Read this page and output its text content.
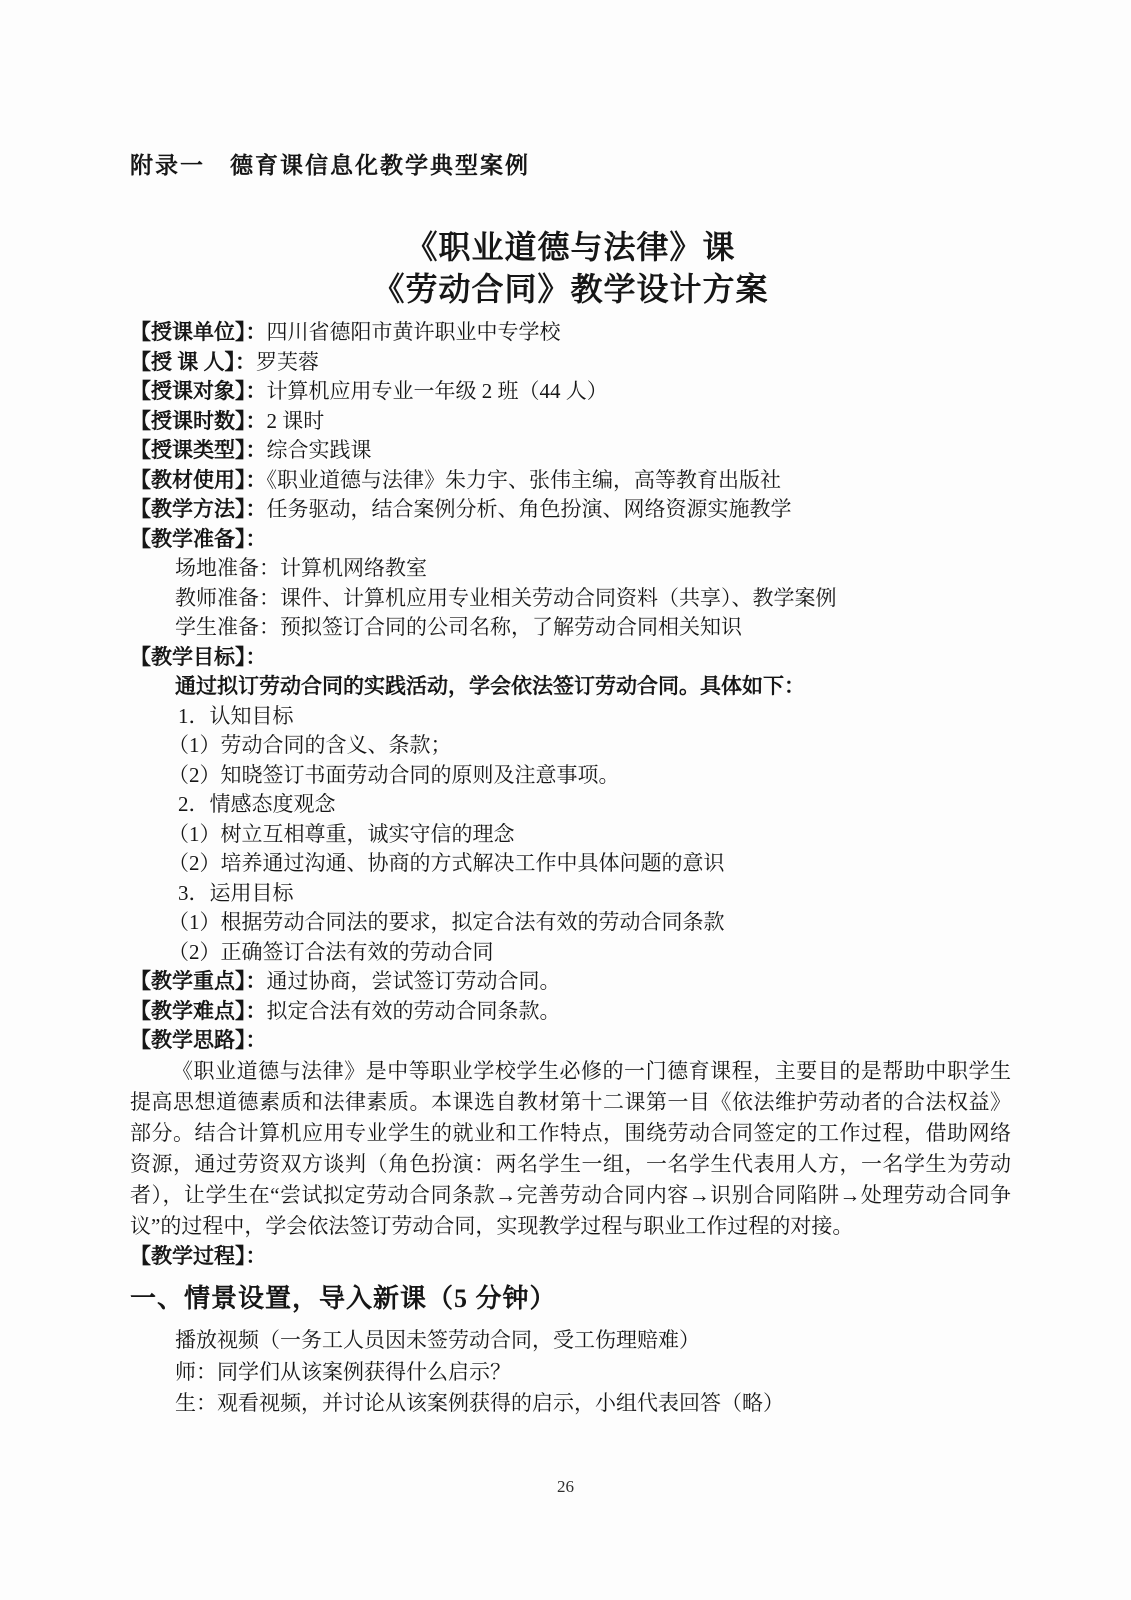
附录一　德育课信息化教学典型案例
《职业道德与法律》课
《劳动合同》教学设计方案
【授课单位】：四川省德阳市黄许职业中专学校
【授 课 人】：罗芙蓉
【授课对象】：计算机应用专业一年级 2 班（44 人）
【授课时数】：2 课时
【授课类型】：综合实践课
【教材使用】：《职业道德与法律》朱力宇、张伟主编，高等教育出版社
【教学方法】：任务驱动，结合案例分析、角色扮演、网络资源实施教学
【教学准备】：
场地准备：计算机网络教室
教师准备：课件、计算机应用专业相关劳动合同资料（共享）、教学案例
学生准备：预拟签订合同的公司名称，了解劳动合同相关知识
【教学目标】：
通过拟订劳动合同的实践活动，学会依法签订劳动合同。具体如下：
1．认知目标
（1）劳动合同的含义、条款；
（2）知晓签订书面劳动合同的原则及注意事项。
2．情感态度观念
（1）树立互相尊重，诚实守信的理念
（2）培养通过沟通、协商的方式解决工作中具体问题的意识
3．运用目标
（1）根据劳动合同法的要求，拟定合法有效的劳动合同条款
（2）正确签订合法有效的劳动合同
【教学重点】：通过协商，尝试签订劳动合同。
【教学难点】：拟定合法有效的劳动合同条款。
【教学思路】：

《职业道德与法律》是中等职业学校学生必修的一门德育课程，主要目的是帮助中职学生提高思想道德素质和法律素质。本课选自教材第十二课第一目《依法维护劳动者的合法权益》部分。结合计算机应用专业学生的就业和工作特点，围绕劳动合同签定的工作过程，借助网络资源，通过劳资双方谈判（角色扮演：两名学生一组，一名学生代表用人方，一名学生为劳动者），让学生在“尝试拟定劳动合同条款→完善劳动合同内容→识别合同陷阱→处理劳动合同争议”的过程中，学会依法签订劳动合同，实现教学过程与职业工作过程的对接。

【教学过程】：
一、情景设置，导入新课（5 分钟）
播放视频（一务工人员因未签劳动合同，受工伤理赔难）
师：同学们从该案例获得什么启示？
生：观看视频，并讨论从该案例获得的启示，小组代表回答（略）
26
